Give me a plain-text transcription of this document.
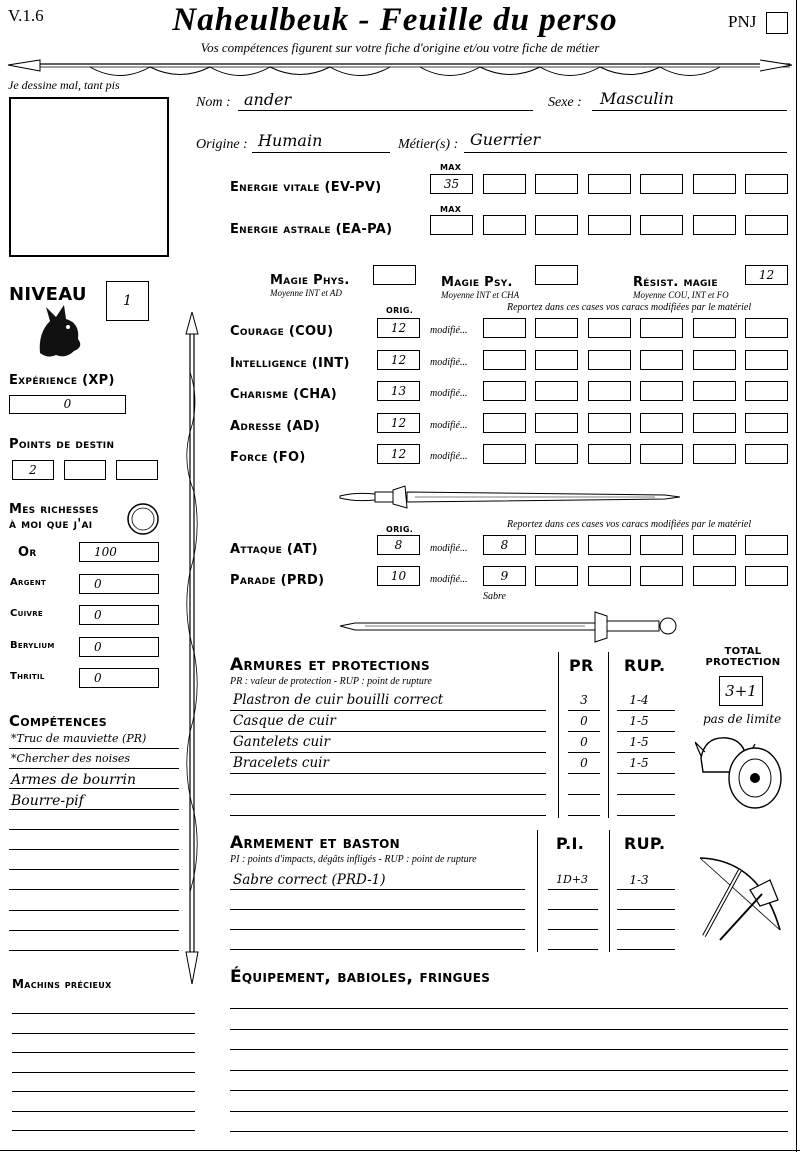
V.1.6	Naheulbeuk - Feuille du perso
Vos compétences figurent sur votre fiche d'origine et/ou votre fiche de métier
PNJ
Je dessine mal, tant pis
Nom : ander	Sexe : Masculin
Origine : Humain	Métier(s) : Guerrier
MAX
Energie vitale (EV-PV)	35
MAX
Energie astrale (EA-PA)
Magie Phys.
Moyenne INT et AD
Magie Psy.
Moyenne INT et CHA
Résist. magie
Moyenne COU, INT et FO
12
ORIG.	Reportez dans ces cases vos caracs modifiées par le matériel
ORIG.	Reportez dans ces cases vos caracs modifiées par le matériel
Attaque (AT)	8	modifié...	8
Parade (PRD)	10	modifié...	9
Sabre
NIVEAU	1
Expérience (XP)
0
Points de destin
2
Mes richesses
à moi que j'ai
Compétences
Machins précieux
Armures et protections
PR : valeur de protection - RUP : point de rupture
PR RUP.
TOTAL
PROTECTION
3+1
pas de limite
Armement et baston
PI : points d'impacts, dégâts infligés - RUP : point de rupture
P.I. RUP.
Équipement, babioles, fringues
Courage (COU)	12	modifié...
Intelligence (INT)	12	modifié...
Charisme (CHA)	13	modifié...
Adresse (AD)	12	modifié...
Force (FO)	12	modifié...
Or	100
Argent	0
Cuivre	0
Berylium	0
Thritil	0
*Truc de mauviette (PR)
*Chercher des noises
Armes de bourrin
Bourre-pif
Plastron de cuir bouilli correct	3	1-4
Casque de cuir	0	1-5
Gantelets cuir	0	1-5
Bracelets cuir	0	1-5
Sabre correct (PRD-1)	1D+3	1-3
